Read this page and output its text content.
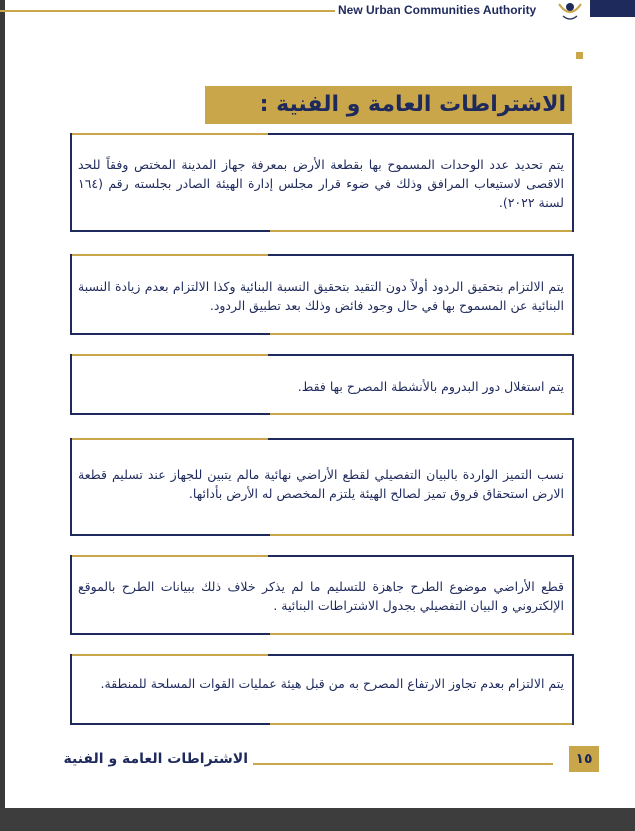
New Urban Communities Authority
الاشتراطات العامة و الفنية :
يتم تحديد عدد الوحدات المسموح بها بقطعة الأرض بمعرفة جهاز المدينة المختص وفقاً للحد الاقصى لاستيعاب المرافق وذلك في ضوء قرار مجلس إدارة الهيئة الصادر بجلسته رقم (١٦٤ لسنة ٢٠٢٢).
يتم الالتزام بتحقيق الردود أولاً دون التقيد بتحقيق النسبة البنائية وكذا الالتزام بعدم زيادة النسبة البنائية عن المسموح بها في حال وجود فائض وذلك بعد تطبيق الردود.
يتم استغلال دور البدروم بالأنشطة المصرح بها فقط.
نسب التميز الواردة بالبيان التفصيلي لقطع الأراضي نهائية مالم يتبين للجهاز عند تسليم قطعة الارض استحقاق فروق تميز لصالح الهيئة يلتزم المخصص له الأرض بأدائها.
قطع الأراضي موضوع الطرح جاهزة للتسليم ما لم يذكر خلاف ذلك ببيانات الطرح بالموقع الإلكتروني و البيان التفصيلي بجدول الاشتراطات البنائية .
يتم الالتزام بعدم تجاوز الارتفاع المصرح به من قبل هيئة عمليات القوات المسلحة للمنطقة.
الاشتراطات العامة و الفنية	١٥
